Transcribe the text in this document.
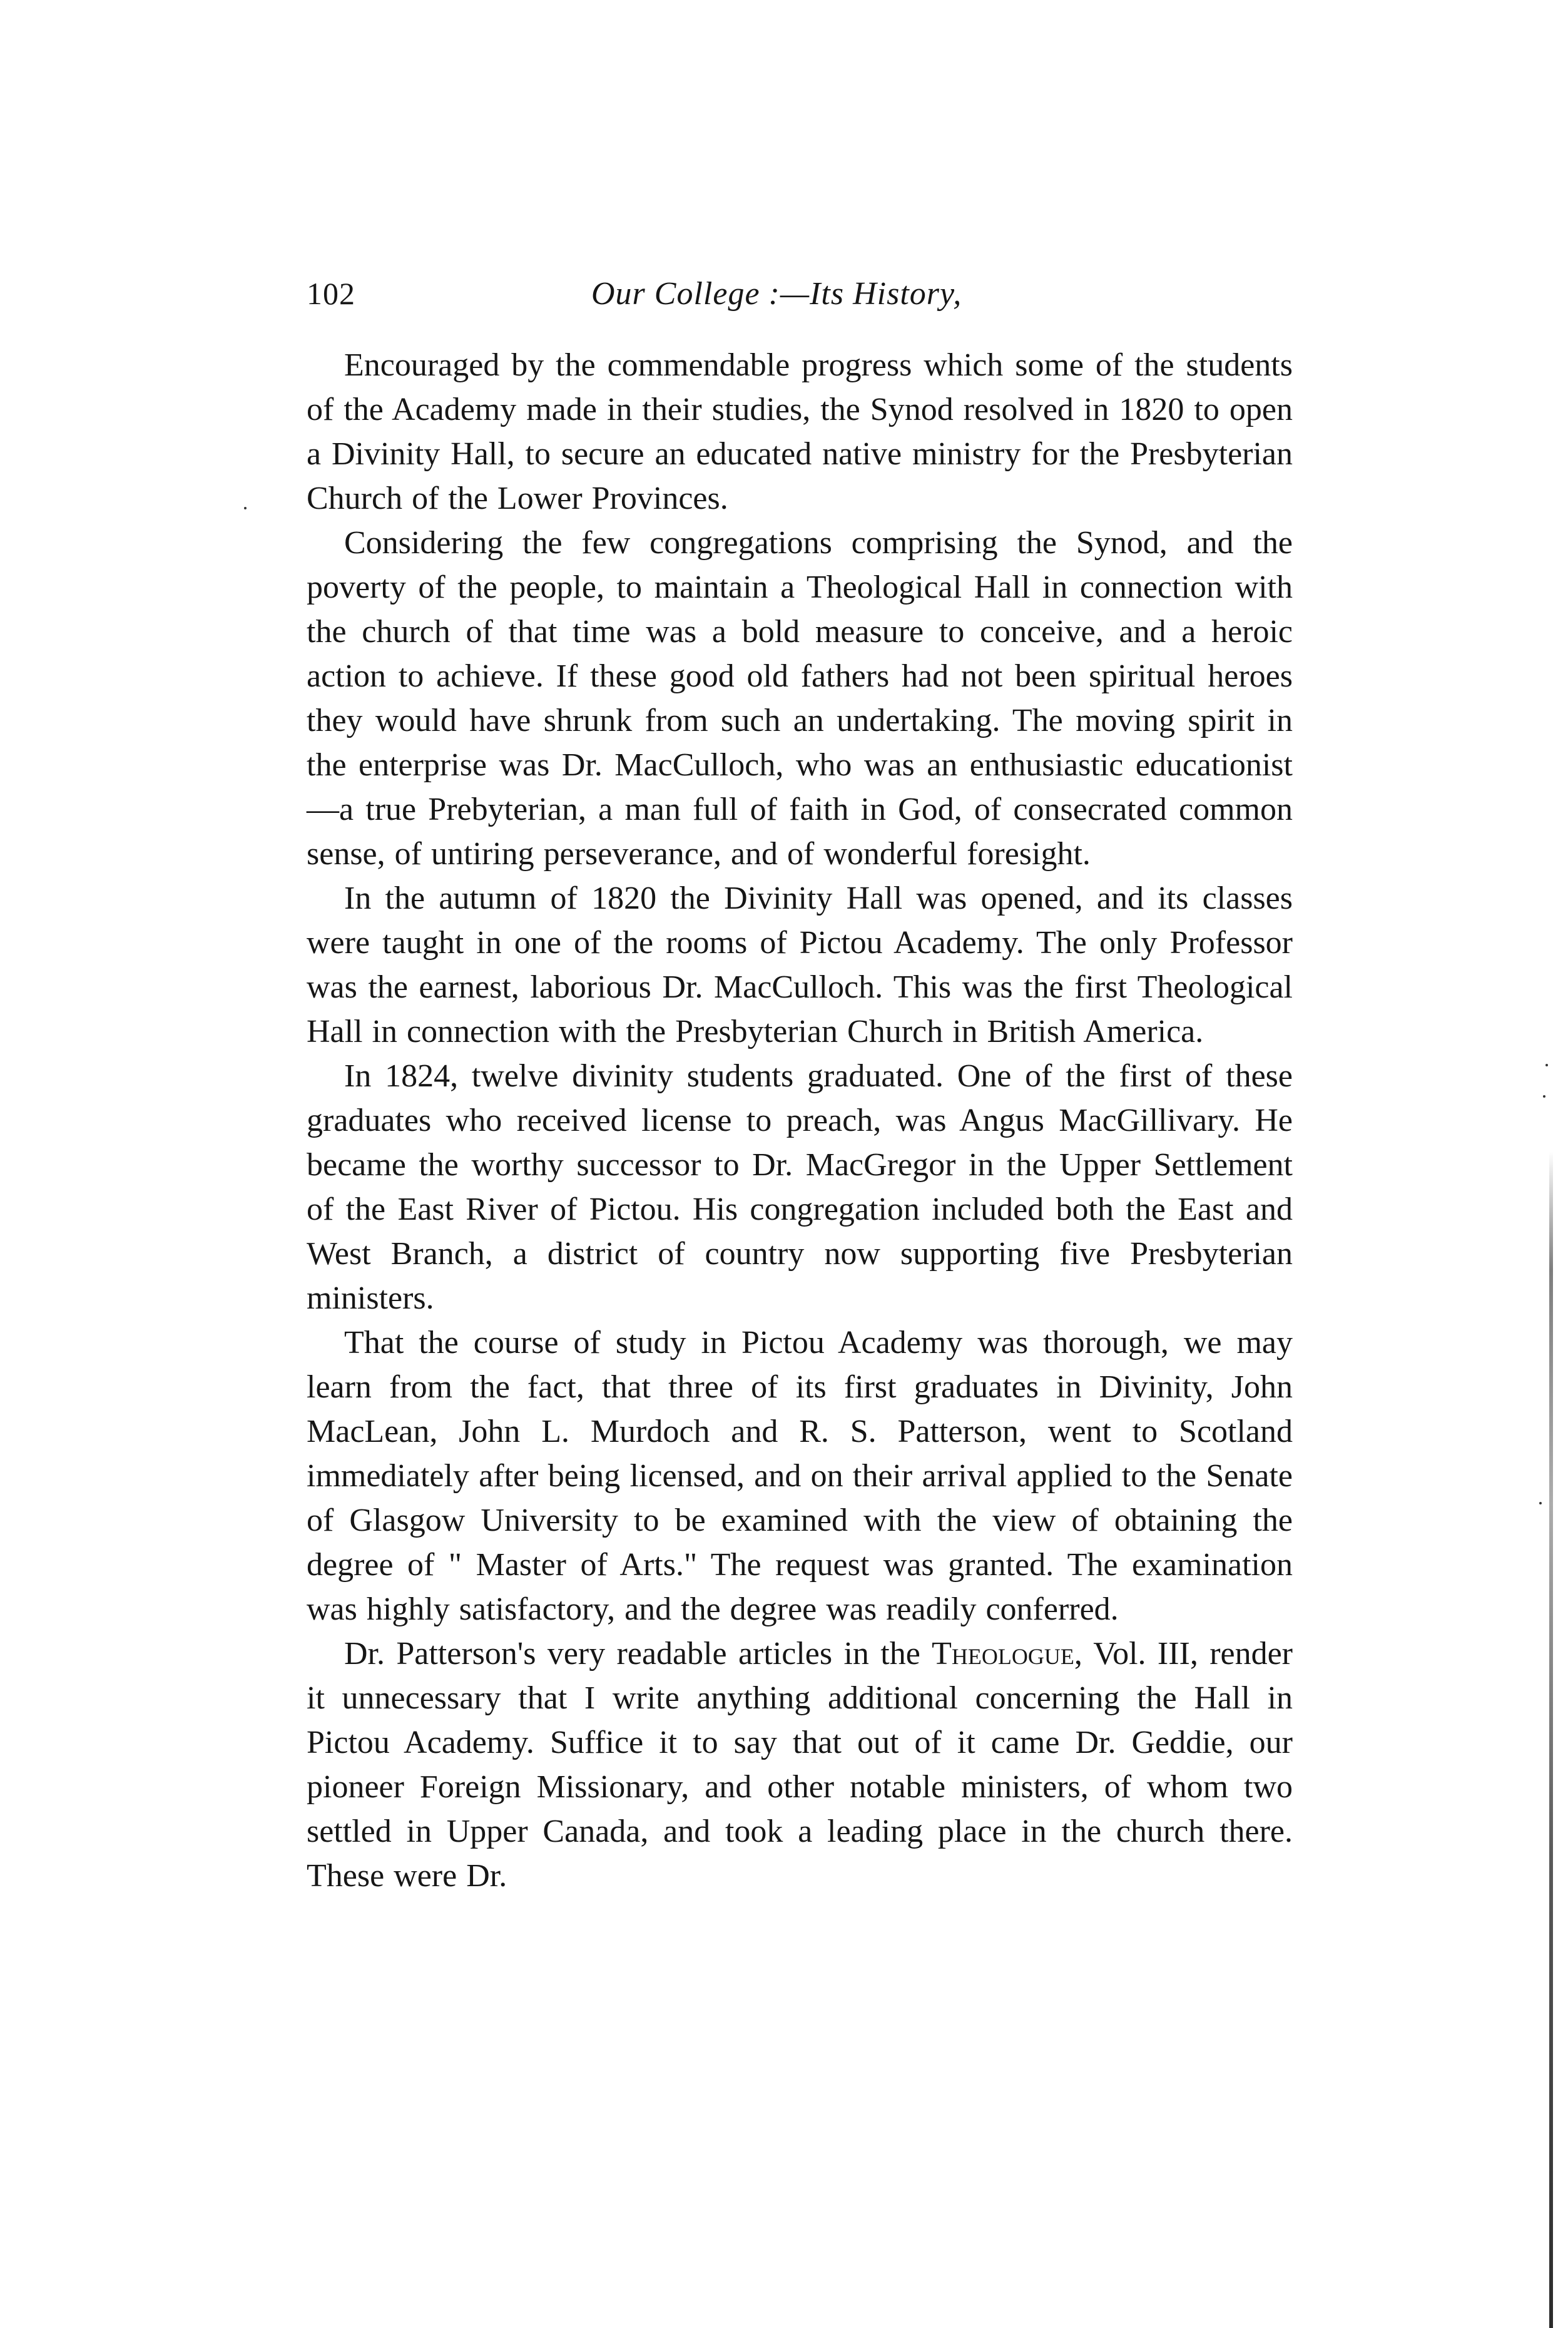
102	Our College :—Its History,

Encouraged by the commendable progress which some of the students of the Academy made in their studies, the Synod resolved in 1820 to open a Divinity Hall, to secure an educated native ministry for the Presbyterian Church of the Lower Provinces.

Considering the few congregations comprising the Synod, and the poverty of the people, to maintain a Theological Hall in connection with the church of that time was a bold measure to conceive, and a heroic action to achieve. If these good old fathers had not been spiritual heroes they would have shrunk from such an undertaking. The moving spirit in the enterprise was Dr. MacCulloch, who was an enthusiastic educationist—a true Prebyterian, a man full of faith in God, of consecrated common sense, of untiring perseverance, and of wonderful foresight.

In the autumn of 1820 the Divinity Hall was opened, and its classes were taught in one of the rooms of Pictou Academy. The only Professor was the earnest, laborious Dr. MacCulloch. This was the first Theological Hall in connection with the Presbyterian Church in British America.

In 1824, twelve divinity students graduated. One of the first of these graduates who received license to preach, was Angus MacGillivary. He became the worthy successor to Dr. MacGregor in the Upper Settlement of the East River of Pictou. His congregation included both the East and West Branch, a district of country now supporting five Presbyterian ministers.

That the course of study in Pictou Academy was thorough, we may learn from the fact, that three of its first graduates in Divinity, John MacLean, John L. Murdoch and R. S. Patterson, went to Scotland immediately after being licensed, and on their arrival applied to the Senate of Glasgow University to be examined with the view of obtaining the degree of " Master of Arts." The request was granted. The examination was highly satisfactory, and the degree was readily conferred.

Dr. Patterson's very readable articles in the Theologue, Vol. III, render it unnecessary that I write anything additional concerning the Hall in Pictou Academy. Suffice it to say that out of it came Dr. Geddie, our pioneer Foreign Missionary, and other notable ministers, of whom two settled in Upper Canada, and took a leading place in the church there. These were Dr.
